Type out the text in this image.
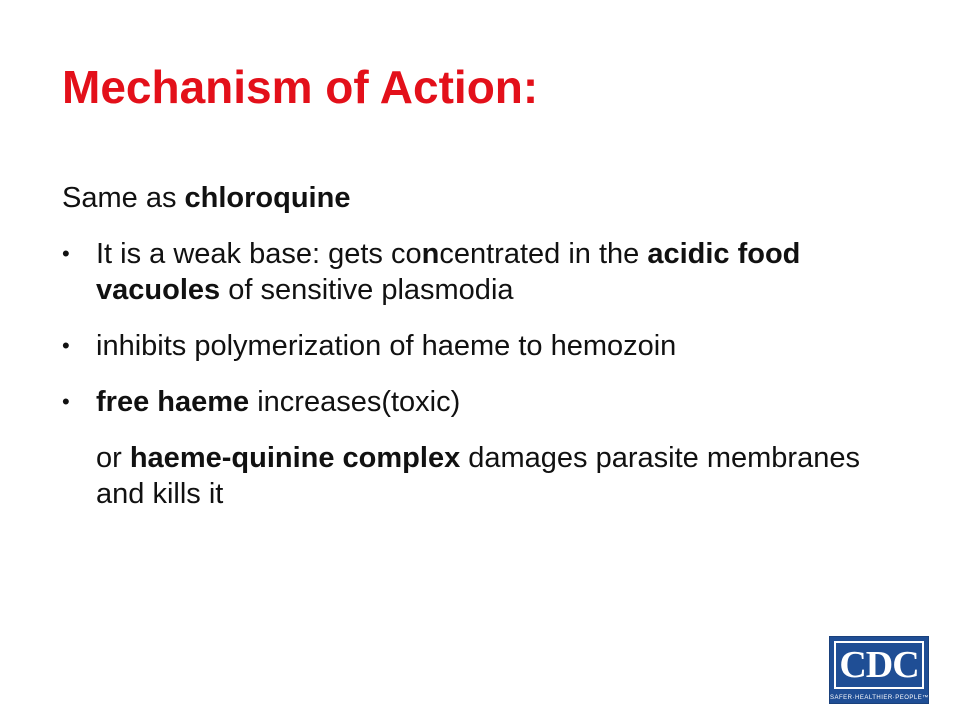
Mechanism of Action:

Same as chloroquine

• It is a weak base: gets concentrated in the acidic food vacuoles of sensitive plasmodia
• inhibits polymerization of haeme to hemozoin
• free haeme increases(toxic)

or haeme-quinine complex damages parasite membranes and kills it

CDC
SAFER·HEALTHIER·PEOPLE™
